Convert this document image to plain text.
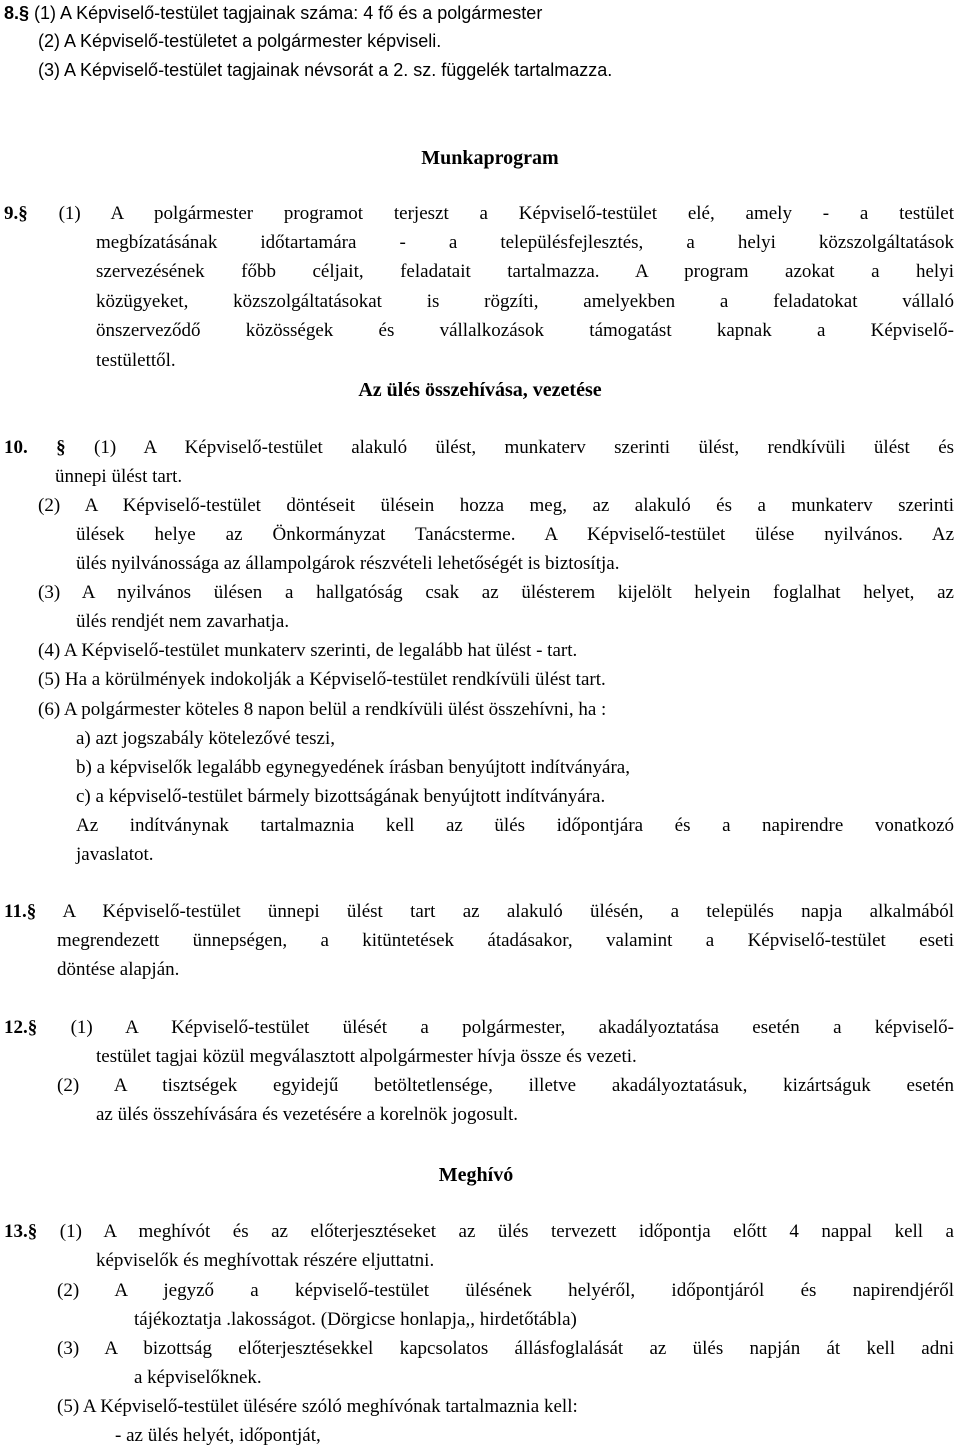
8.§ (1) A Képviselő-testület tagjainak száma: 4 fő és a polgármester
(2) A Képviselő-testületet a polgármester képviseli.
(3) A Képviselő-testület tagjainak névsorát a 2. sz. függelék tartalmazza.
Munkaprogram
9.§ (1) A polgármester programot terjeszt a Képviselő-testület elé, amely - a testület
megbízatásának időtartamára - a településfejlesztés, a helyi közszolgáltatások
szervezésének főbb céljait, feladatait tartalmazza. A program azokat a helyi
közügyeket, közszolgáltatásokat is rögzíti, amelyekben a feladatokat vállaló
önszerveződő közösségek és vállalkozások támogatást kapnak a Képviselő-
testülettől.
Az ülés összehívása, vezetése
10. § (1) A Képviselő-testület alakuló ülést, munkaterv szerinti ülést, rendkívüli ülést és
ünnepi ülést tart.
(2) A Képviselő-testület döntéseit ülésein hozza meg, az alakuló és a munkaterv szerinti
ülések helye az Önkormányzat Tanácsterme. A Képviselő-testület ülése nyilvános. Az
ülés nyilvánossága az állampolgárok részvételi lehetőségét is biztosítja.
(3) A nyilvános ülésen a hallgatóság csak az ülésterem kijelölt helyein foglalhat helyet, az
ülés rendjét nem zavarhatja.
(4) A Képviselő-testület munkaterv szerinti, de legalább hat ülést - tart.
(5) Ha a körülmények indokolják a Képviselő-testület rendkívüli ülést tart.
(6) A polgármester köteles 8 napon belül a rendkívüli ülést összehívni, ha :
a) azt jogszabály kötelezővé teszi,
b) a képviselők legalább egynegyedének írásban benyújtott indítványára,
c) a képviselő-testület bármely bizottságának benyújtott indítványára.
Az indítványnak tartalmaznia kell az ülés időpontjára és a napirendre vonatkozó
javaslatot.
11.§ A Képviselő-testület ünnepi ülést tart az alakuló ülésén, a település napja alkalmából
megrendezett ünnepségen, a kitüntetések átadásakor, valamint a Képviselő-testület eseti
döntése alapján.
12.§ (1) A Képviselő-testület ülését a polgármester, akadályoztatása esetén a képviselő-
testület tagjai közül megválasztott alpolgármester hívja össze és vezeti.
(2) A tisztségek egyidejű betöltetlensége, illetve akadályoztatásuk, kizártságuk esetén
az ülés összehívására és vezetésére a korelnök jogosult.
Meghívó
13.§ (1) A meghívót és az előterjesztéseket az ülés tervezett időpontja előtt 4 nappal kell a
képviselők és meghívottak részére eljuttatni.
(2) A jegyző a képviselő-testület ülésének helyéről, időpontjáról és napirendjéről
tájékoztatja .lakosságot. (Dörgicse honlapja,, hirdetőtábla)
(3) A bizottság előterjesztésekkel kapcsolatos állásfoglalását az ülés napján át kell adni
a képviselőknek.
(5) A Képviselő-testület ülésére szóló meghívónak tartalmaznia kell:
- az ülés helyét, időpontját,
